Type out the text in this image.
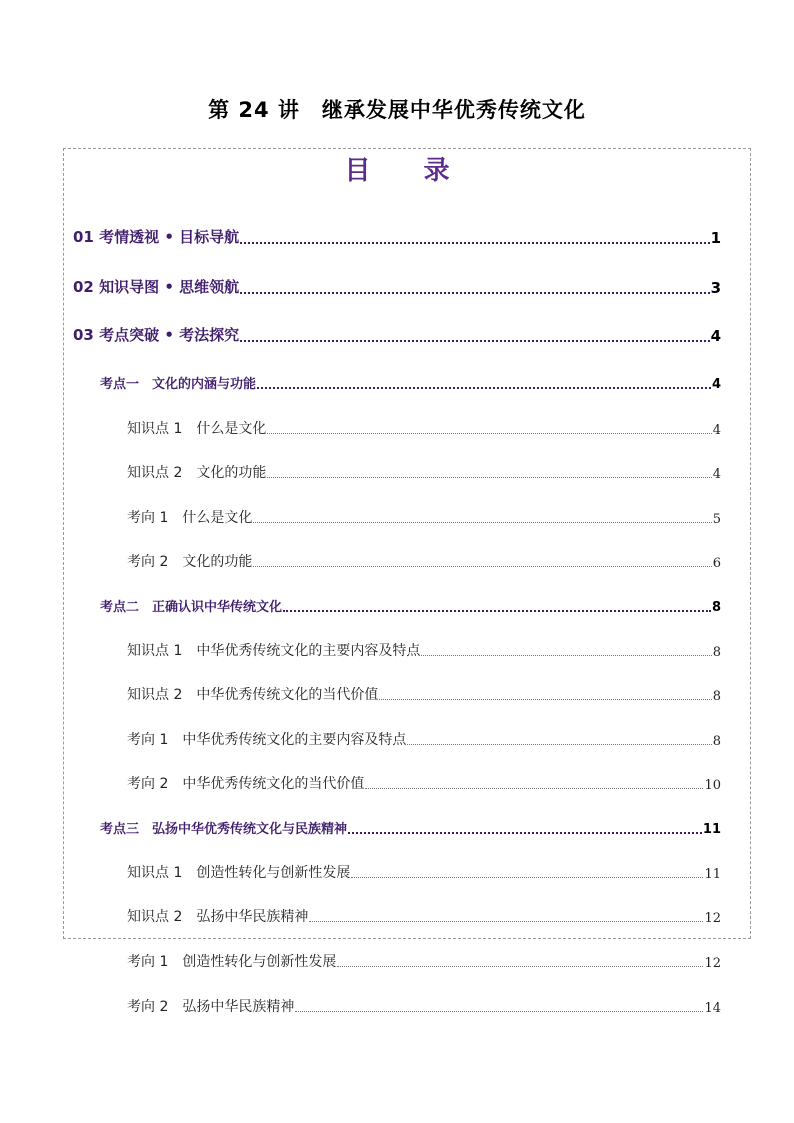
第 24 讲　继承发展中华优秀传统文化
目 录
01 考情透视 • 目标导航	1
02 知识导图 • 思维领航	3
03 考点突破 • 考法探究	4
考点一　文化的内涵与功能	4
知识点 1　什么是文化	4
知识点 2　文化的功能	4
考向 1　什么是文化	5
考向 2　文化的功能	6
考点二　正确认识中华传统文化	8
知识点 1　中华优秀传统文化的主要内容及特点	8
知识点 2　中华优秀传统文化的当代价值	8
考向 1　中华优秀传统文化的主要内容及特点	8
考向 2　中华优秀传统文化的当代价值	10
考点三　弘扬中华优秀传统文化与民族精神	11
知识点 1　创造性转化与创新性发展	11
知识点 2　弘扬中华民族精神	12
考向 1　创造性转化与创新性发展	12
考向 2　弘扬中华民族精神	14
